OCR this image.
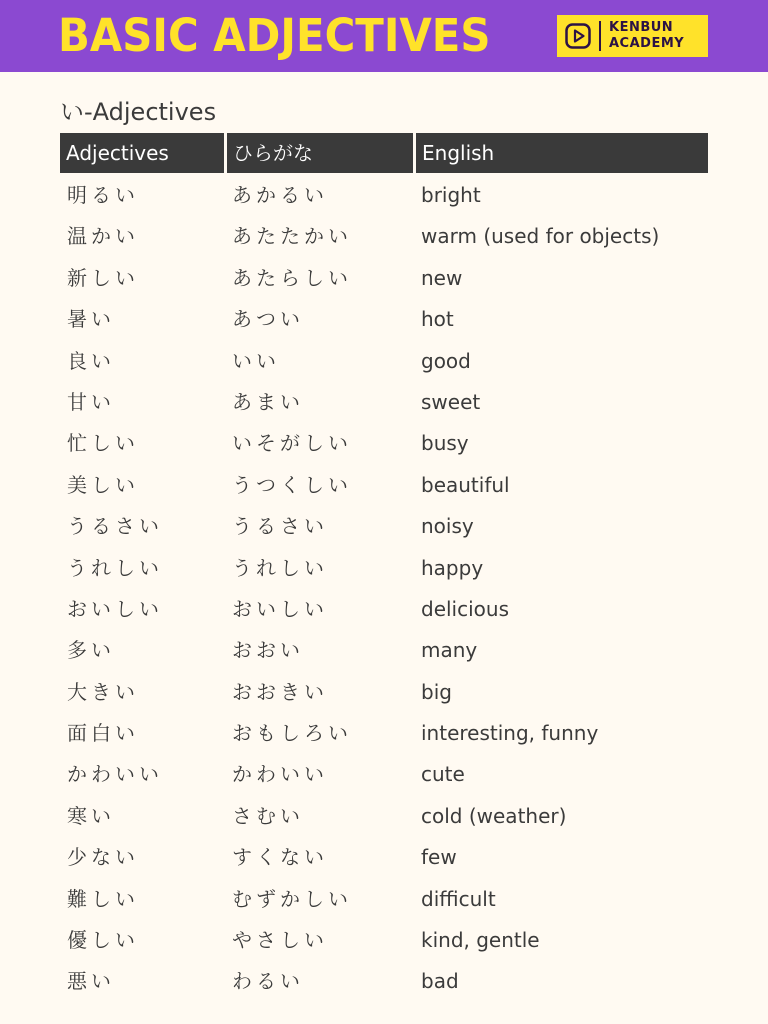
BASIC ADJECTIVES	KENBUN
ACADEMY
い-Adjectives
Adjectives	ひらがな	English
明るい	あかるい	bright
温かい	あたたかい	warm (used for objects)
新しい	あたらしい	new
暑い	あつい	hot
良い	いい	good
甘い	あまい	sweet
忙しい	いそがしい	busy
美しい	うつくしい	beautiful
うるさい	うるさい	noisy
うれしい	うれしい	happy
おいしい	おいしい	delicious
多い	おおい	many
大きい	おおきい	big
面白い	おもしろい	interesting, funny
かわいい	かわいい	cute
寒い	さむい	cold (weather)
少ない	すくない	few
難しい	むずかしい	difficult
優しい	やさしい	kind, gentle
悪い	わるい	bad
